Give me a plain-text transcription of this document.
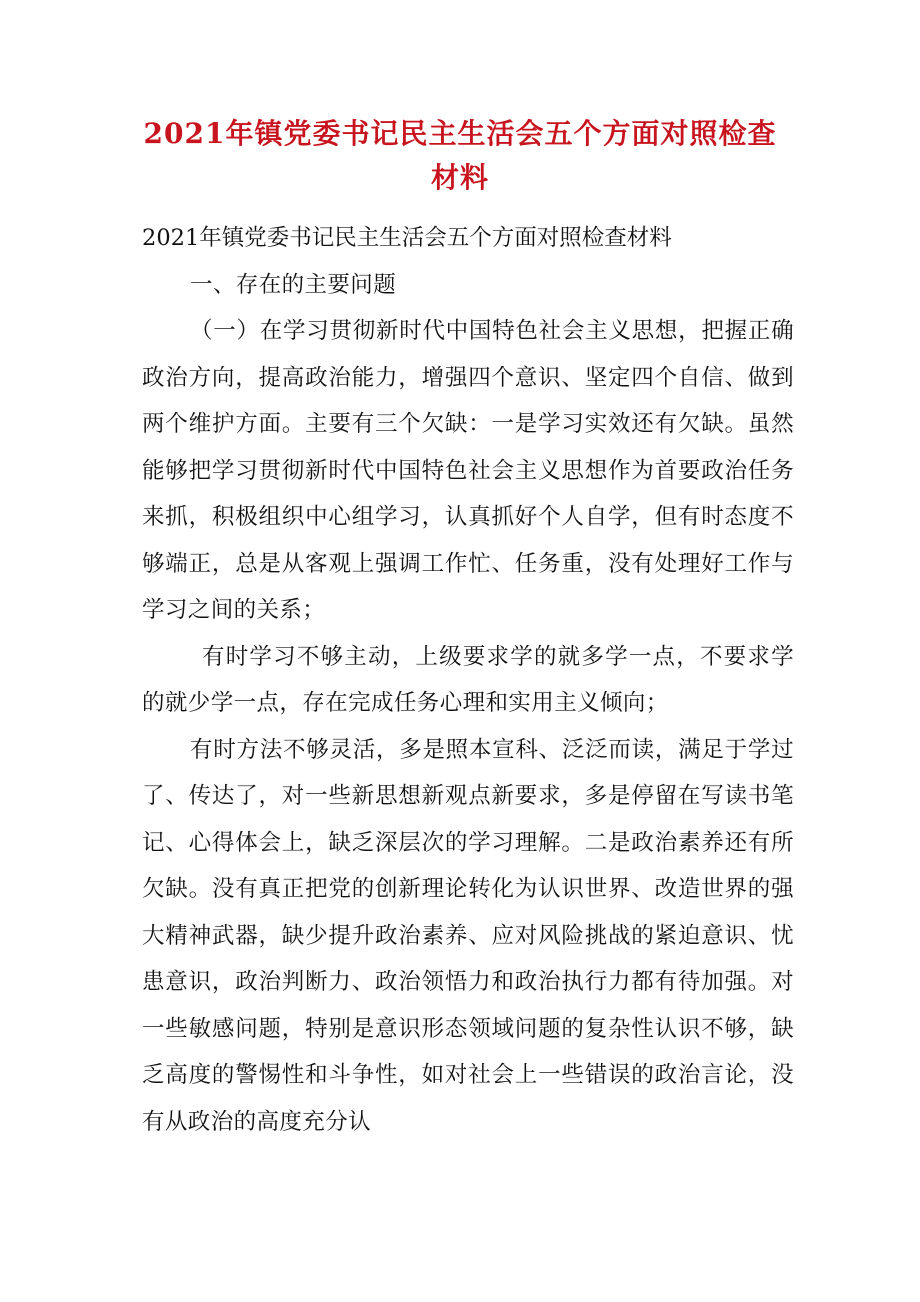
2021年镇党委书记民主生活会五个方面对照检查材料

2021年镇党委书记民主生活会五个方面对照检查材料

一、存在的主要问题

（一）在学习贯彻新时代中国特色社会主义思想，把握正确政治方向，提高政治能力，增强四个意识、坚定四个自信、做到两个维护方面。主要有三个欠缺：一是学习实效还有欠缺。虽然能够把学习贯彻新时代中国特色社会主义思想作为首要政治任务来抓，积极组织中心组学习，认真抓好个人自学，但有时态度不够端正，总是从客观上强调工作忙、任务重，没有处理好工作与学习之间的关系；

有时学习不够主动，上级要求学的就多学一点，不要求学的就少学一点，存在完成任务心理和实用主义倾向；

有时方法不够灵活，多是照本宣科、泛泛而读，满足于学过了、传达了，对一些新思想新观点新要求，多是停留在写读书笔记、心得体会上，缺乏深层次的学习理解。二是政治素养还有所欠缺。没有真正把党的创新理论转化为认识世界、改造世界的强大精神武器，缺少提升政治素养、应对风险挑战的紧迫意识、忧患意识，政治判断力、政治领悟力和政治执行力都有待加强。对一些敏感问题，特别是意识形态领域问题的复杂性认识不够，缺乏高度的警惕性和斗争性，如对社会上一些错误的政治言论，没有从政治的高度充分认
